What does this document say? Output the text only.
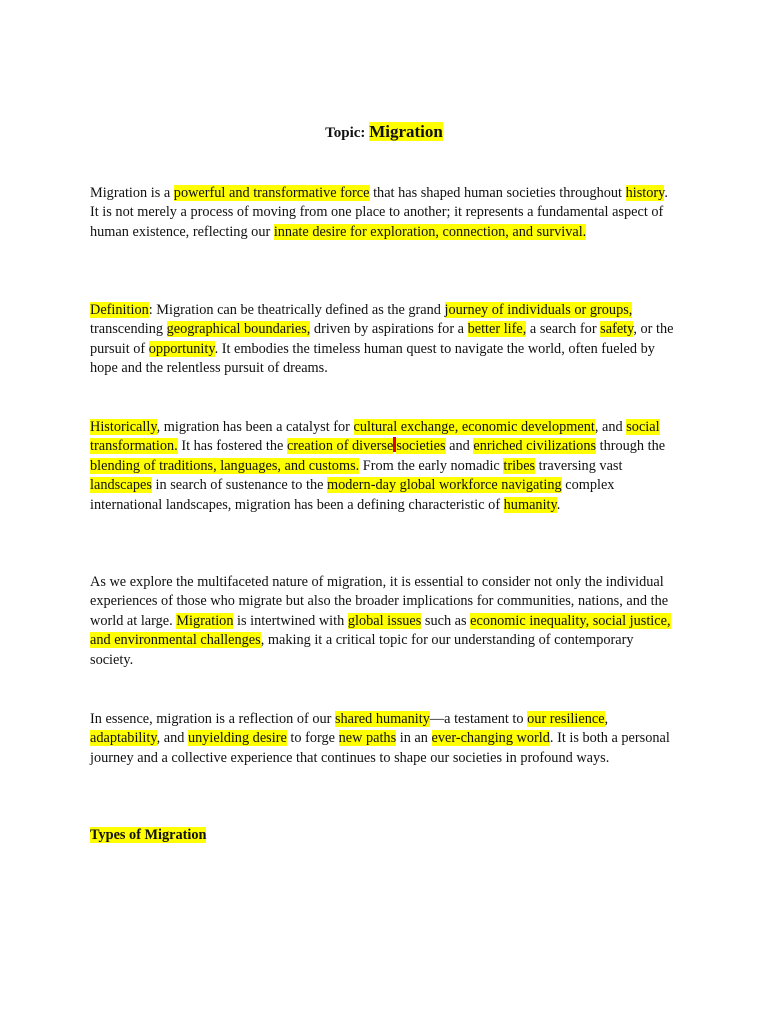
Topic: Migration

Migration is a powerful and transformative force that has shaped human societies throughout history. It is not merely a process of moving from one place to another; it represents a fundamental aspect of human existence, reflecting our innate desire for exploration, connection, and survival.

Definition: Migration can be theatrically defined as the grand journey of individuals or groups, transcending geographical boundaries, driven by aspirations for a better life, a search for safety, or the pursuit of opportunity. It embodies the timeless human quest to navigate the world, often fueled by hope and the relentless pursuit of dreams.

Historically, migration has been a catalyst for cultural exchange, economic development, and social transformation. It has fostered the creation of diverse societies and enriched civilizations through the blending of traditions, languages, and customs. From the early nomadic tribes traversing vast landscapes in search of sustenance to the modern-day global workforce navigating complex international landscapes, migration has been a defining characteristic of humanity.

As we explore the multifaceted nature of migration, it is essential to consider not only the individual experiences of those who migrate but also the broader implications for communities, nations, and the world at large. Migration is intertwined with global issues such as economic inequality, social justice, and environmental challenges, making it a critical topic for our understanding of contemporary society.

In essence, migration is a reflection of our shared humanity—a testament to our resilience, adaptability, and unyielding desire to forge new paths in an ever-changing world. It is both a personal journey and a collective experience that continues to shape our societies in profound ways.

Types of Migration
